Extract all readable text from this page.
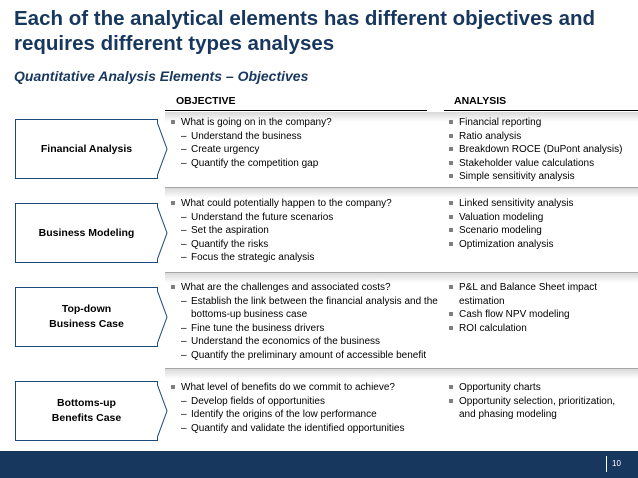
Each of the analytical elements has different objectives and requires different types analyses
Quantitative Analysis Elements – Objectives
OBJECTIVE	ANALYSIS
Financial Analysis
What is going on in the company?
– Understand the business
– Create urgency
– Quantify the competition gap
Financial reporting
Ratio analysis
Breakdown ROCE (DuPont analysis)
Stakeholder value calculations
Simple sensitivity analysis
Business Modeling
What could potentially happen to the company?
– Understand the future scenarios
– Set the aspiration
– Quantify the risks
– Focus the strategic analysis
Linked sensitivity analysis
Valuation modeling
Scenario modeling
Optimization analysis
Top-down
Business Case
What are the challenges and associated costs?
– Establish the link between the financial analysis and the bottoms-up business case
– Fine tune the business drivers
– Understand the economics of the business
– Quantify the preliminary amount of accessible benefit
P&L and Balance Sheet impact estimation
Cash flow NPV modeling
ROI calculation
Bottoms-up
Benefits Case
What level of benefits do we commit to achieve?
– Develop fields of opportunities
– Identify the origins of the low performance
– Quantify and validate the identified opportunities
Opportunity charts
Opportunity selection, prioritization, and phasing modeling
10
